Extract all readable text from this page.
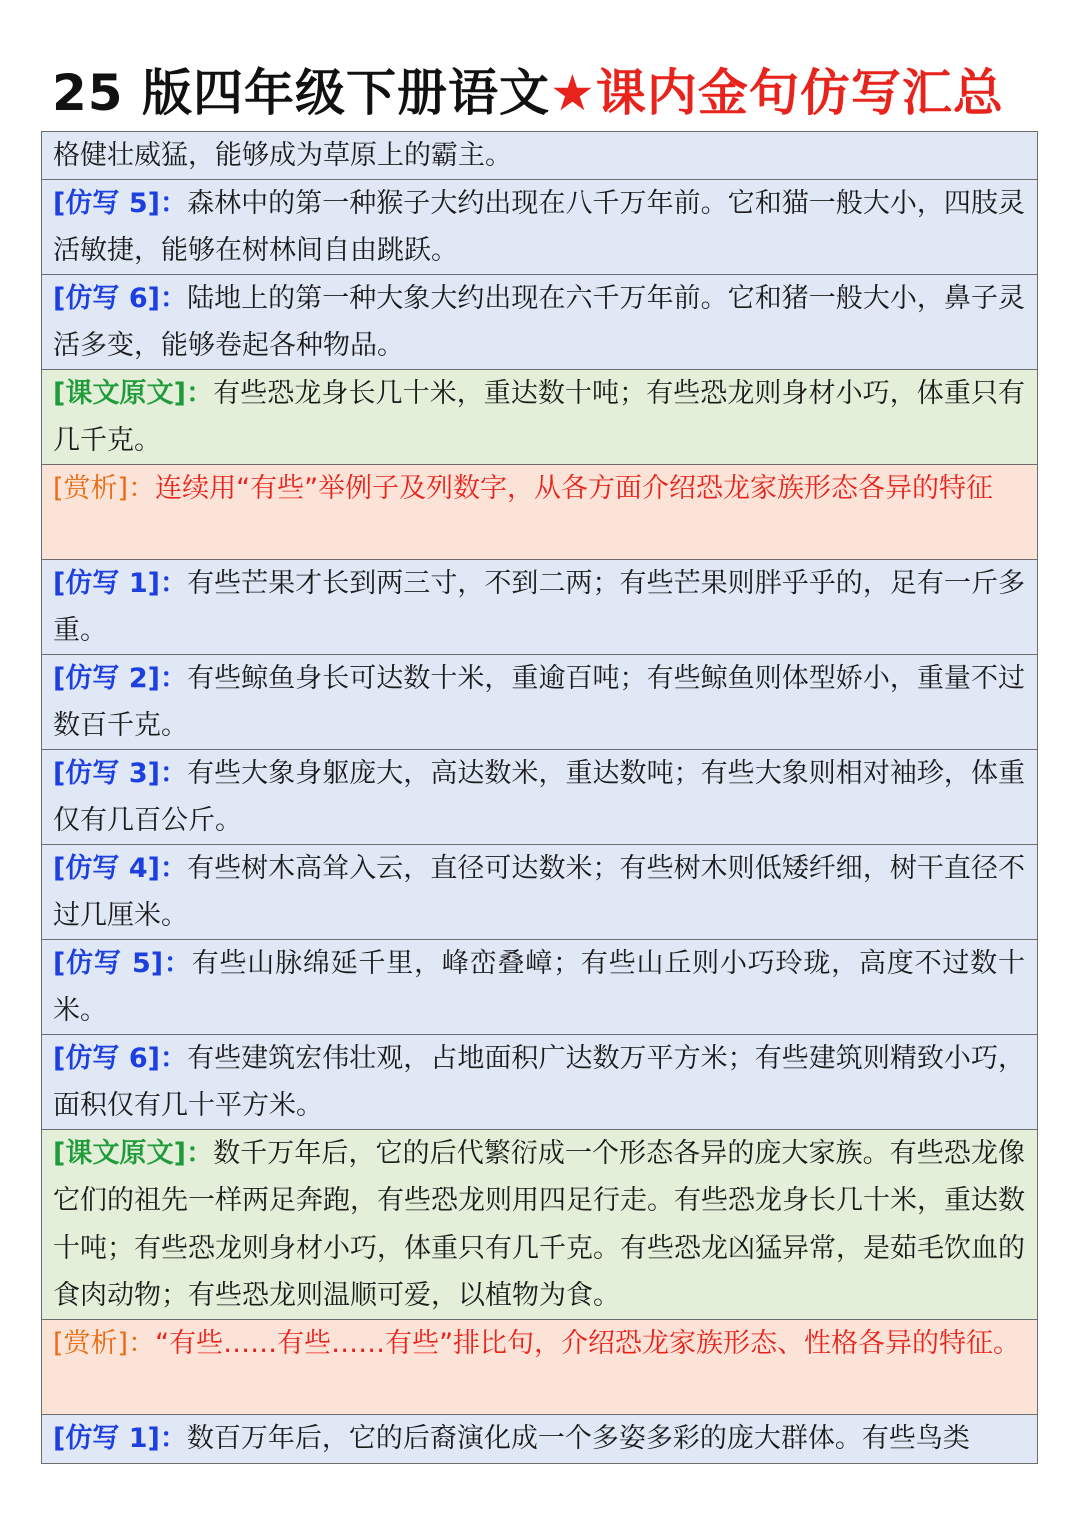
25 版四年级下册语文★课内金句仿写汇总
格健壮威猛，能够成为草原上的霸主。
[仿写 5]：森林中的第一种猴子大约出现在八千万年前。它和猫一般大小，四肢灵活敏捷，能够在树林间自由跳跃。
[仿写 6]：陆地上的第一种大象大约出现在六千万年前。它和猪一般大小，鼻子灵活多变，能够卷起各种物品。
[课文原文]：有些恐龙身长几十米，重达数十吨；有些恐龙则身材小巧，体重只有几千克。
[赏析]：连续用“有些”举例子及列数字，从各方面介绍恐龙家族形态各异的特征
[仿写 1]：有些芒果才长到两三寸，不到二两；有些芒果则胖乎乎的，足有一斤多重。
[仿写 2]：有些鲸鱼身长可达数十米，重逾百吨；有些鲸鱼则体型娇小，重量不过数百千克。
[仿写 3]：有些大象身躯庞大，高达数米，重达数吨；有些大象则相对袖珍，体重仅有几百公斤。
[仿写 4]：有些树木高耸入云，直径可达数米；有些树木则低矮纤细，树干直径不过几厘米。
[仿写 5]：有些山脉绵延千里，峰峦叠嶂；有些山丘则小巧玲珑，高度不过数十米。
[仿写 6]：有些建筑宏伟壮观，占地面积广达数万平方米；有些建筑则精致小巧，面积仅有几十平方米。
[课文原文]：数千万年后，它的后代繁衍成一个形态各异的庞大家族。有些恐龙像它们的祖先一样两足奔跑，有些恐龙则用四足行走。有些恐龙身长几十米，重达数十吨；有些恐龙则身材小巧，体重只有几千克。有些恐龙凶猛异常，是茹毛饮血的食肉动物；有些恐龙则温顺可爱，以植物为食。
[赏析]：“有些……有些……有些”排比句，介绍恐龙家族形态、性格各异的特征。
[仿写 1]：数百万年后，它的后裔演化成一个多姿多彩的庞大群体。有些鸟类
